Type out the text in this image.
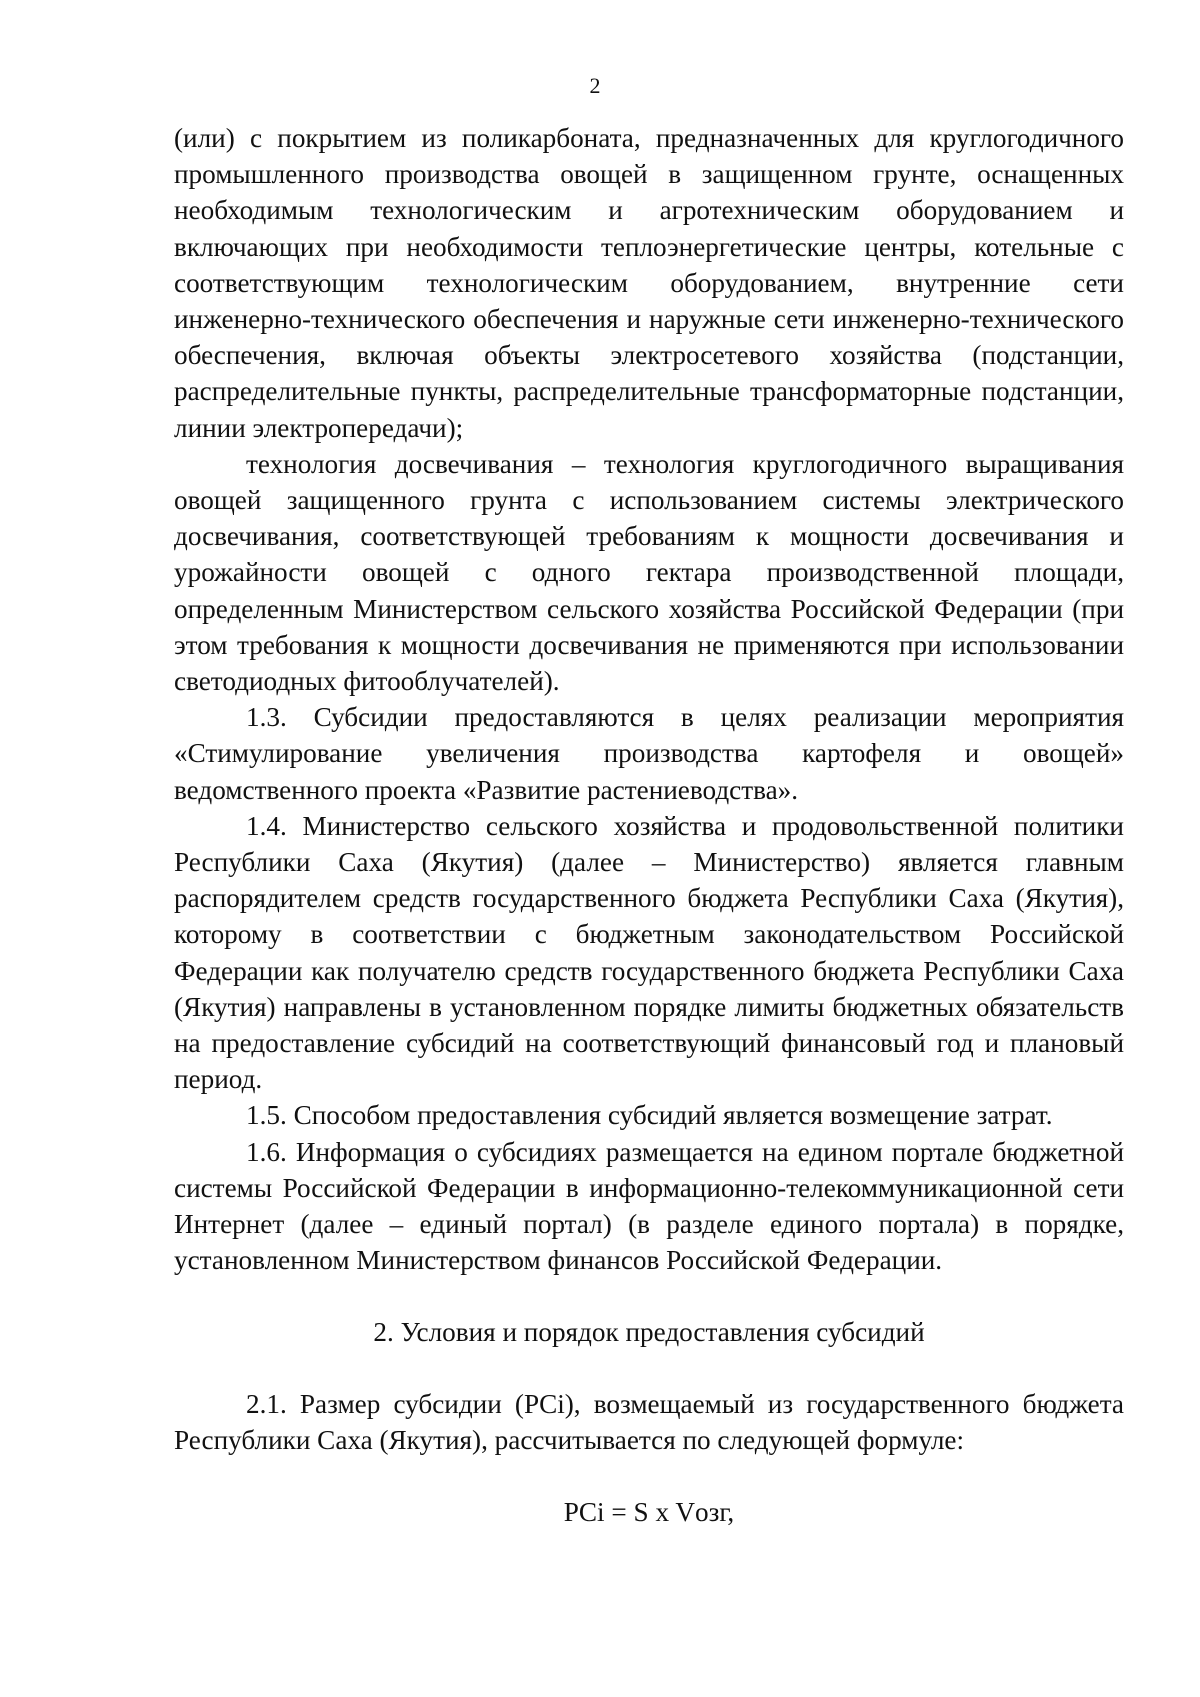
2

(или) с покрытием из поликарбоната, предназначенных для круглогодичного промышленного производства овощей в защищенном грунте, оснащенных необходимым технологическим и агротехническим оборудованием и включающих при необходимости теплоэнергетические центры, котельные с соответствующим технологическим оборудованием, внутренние сети инженерно-технического обеспечения и наружные сети инженерно-технического обеспечения, включая объекты электросетевого хозяйства (подстанции, распределительные пункты, распределительные трансформаторные подстанции, линии электропередачи);

технология досвечивания – технология круглогодичного выращивания овощей защищенного грунта с использованием системы электрического досвечивания, соответствующей требованиям к мощности досвечивания и урожайности овощей с одного гектара производственной площади, определенным Министерством сельского хозяйства Российской Федерации (при этом требования к мощности досвечивания не применяются при использовании светодиодных фитооблучателей).

1.3. Субсидии предоставляются в целях реализации мероприятия «Стимулирование увеличения производства картофеля и овощей» ведомственного проекта «Развитие растениеводства».

1.4. Министерство сельского хозяйства и продовольственной политики Республики Саха (Якутия) (далее – Министерство) является главным распорядителем средств государственного бюджета Республики Саха (Якутия), которому в соответствии с бюджетным законодательством Российской Федерации как получателю средств государственного бюджета Республики Саха (Якутия) направлены в установленном порядке лимиты бюджетных обязательств на предоставление субсидий на соответствующий финансовый год и плановый период.

1.5. Способом предоставления субсидий является возмещение затрат.

1.6. Информация о субсидиях размещается на едином портале бюджетной системы Российской Федерации в информационно-телекоммуникационной сети Интернет (далее – единый портал) (в разделе единого портала) в порядке, установленном Министерством финансов Российской Федерации.

2. Условия и порядок предоставления субсидий

2.1. Размер субсидии (PCi), возмещаемый из государственного бюджета Республики Саха (Якутия), рассчитывается по следующей формуле:

PCi = S x Vозг,
